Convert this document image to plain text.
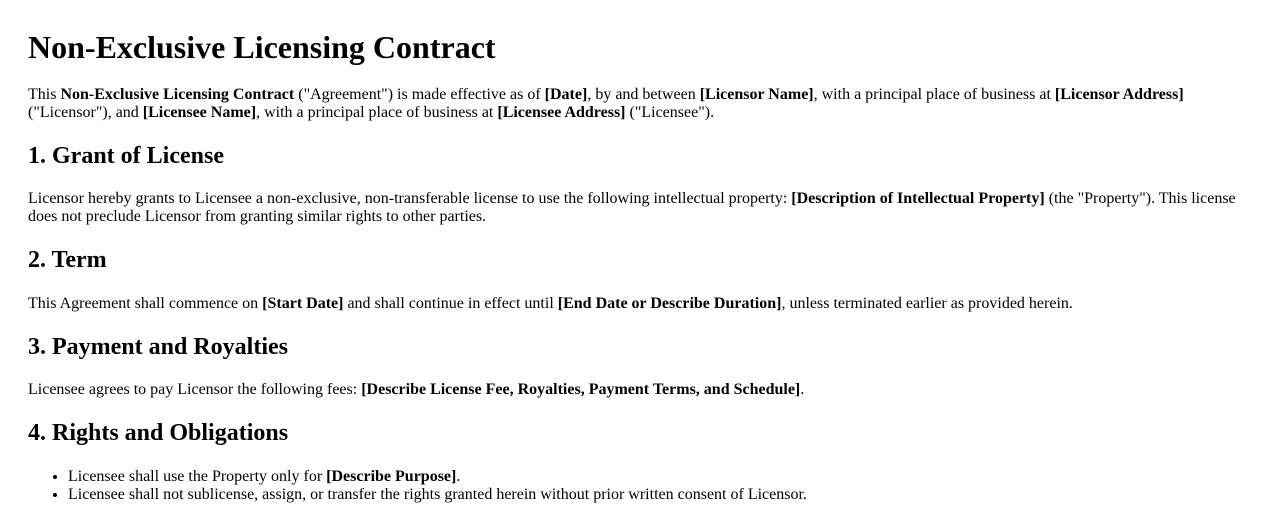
Non-Exclusive Licensing Contract

This Non-Exclusive Licensing Contract ("Agreement") is made effective as of [Date], by and between [Licensor Name], with a principal place of business at [Licensor Address] ("Licensor"), and [Licensee Name], with a principal place of business at [Licensee Address] ("Licensee").

1. Grant of License

Licensor hereby grants to Licensee a non-exclusive, non-transferable license to use the following intellectual property: [Description of Intellectual Property] (the "Property"). This license does not preclude Licensor from granting similar rights to other parties.

2. Term

This Agreement shall commence on [Start Date] and shall continue in effect until [End Date or Describe Duration], unless terminated earlier as provided herein.

3. Payment and Royalties

Licensee agrees to pay Licensor the following fees: [Describe License Fee, Royalties, Payment Terms, and Schedule].

4. Rights and Obligations
• Licensee shall use the Property only for [Describe Purpose].
• Licensee shall not sublicense, assign, or transfer the rights granted herein without prior written consent of Licensor.
